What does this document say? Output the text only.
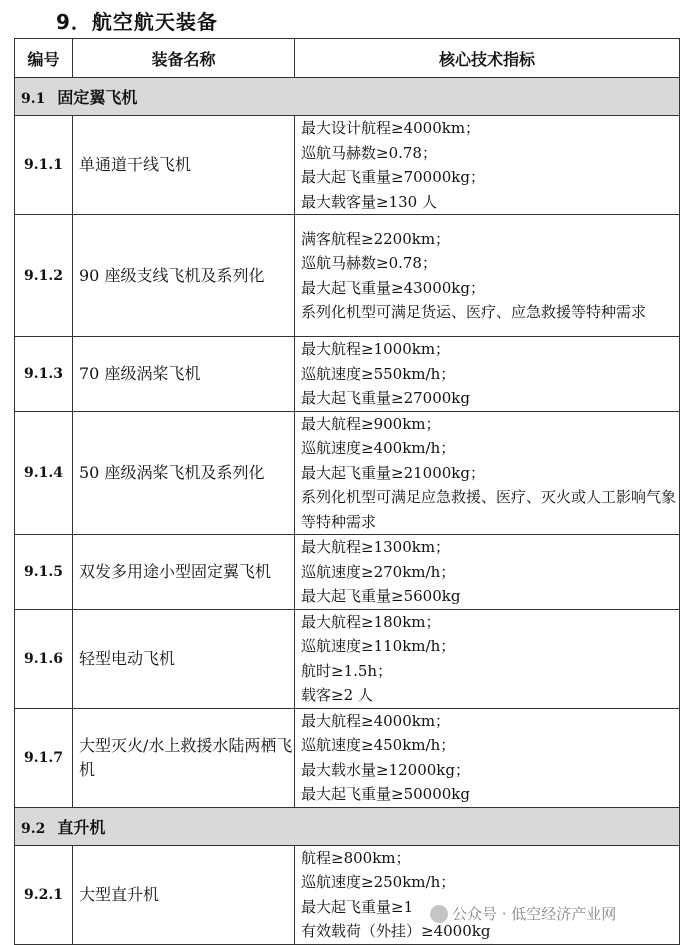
9．航空航天装备
编号	装备名称	核心技术指标
9.1 固定翼飞机		
9.1.1	单通道干线飞机	最大设计航程≥4000km；
巡航马赫数≥0.78；
最大起飞重量≥70000kg；
最大载客量≥130 人

9.1.2	90 座级支线飞机及系列化	满客航程≥2200km；
巡航马赫数≥0.78；
最大起飞重量≥43000kg；
系列化机型可满足货运、医疗、应急救援等特种需求

9.1.3	70 座级涡桨飞机	最大航程≥1000km；
巡航速度≥550km/h；
最大起飞重量≥27000kg

9.1.4	50 座级涡桨飞机及系列化	最大航程≥900km；
巡航速度≥400km/h；
最大起飞重量≥21000kg；
系列化机型可满足应急救援、医疗、灭火或人工影响气象等特种需求

9.1.5	双发多用途小型固定翼飞机	最大航程≥1300km；
巡航速度≥270km/h；
最大起飞重量≥5600kg

9.1.6	轻型电动飞机	最大航程≥180km；
巡航速度≥110km/h；
航时≥1.5h；
载客≥2 人

9.1.7	大型灭火/水上救援水陆两栖飞机	最大航程≥4000km；
巡航速度≥450km/h；
最大载水量≥12000kg；
最大起飞重量≥50000kg

9.2 直升机		
9.2.1	大型直升机	航程≥800km；
巡航速度≥250km/h；
最大起飞重量≥1
有效载荷（外挂）≥4000kg
公众号 · 低空经济产业网
